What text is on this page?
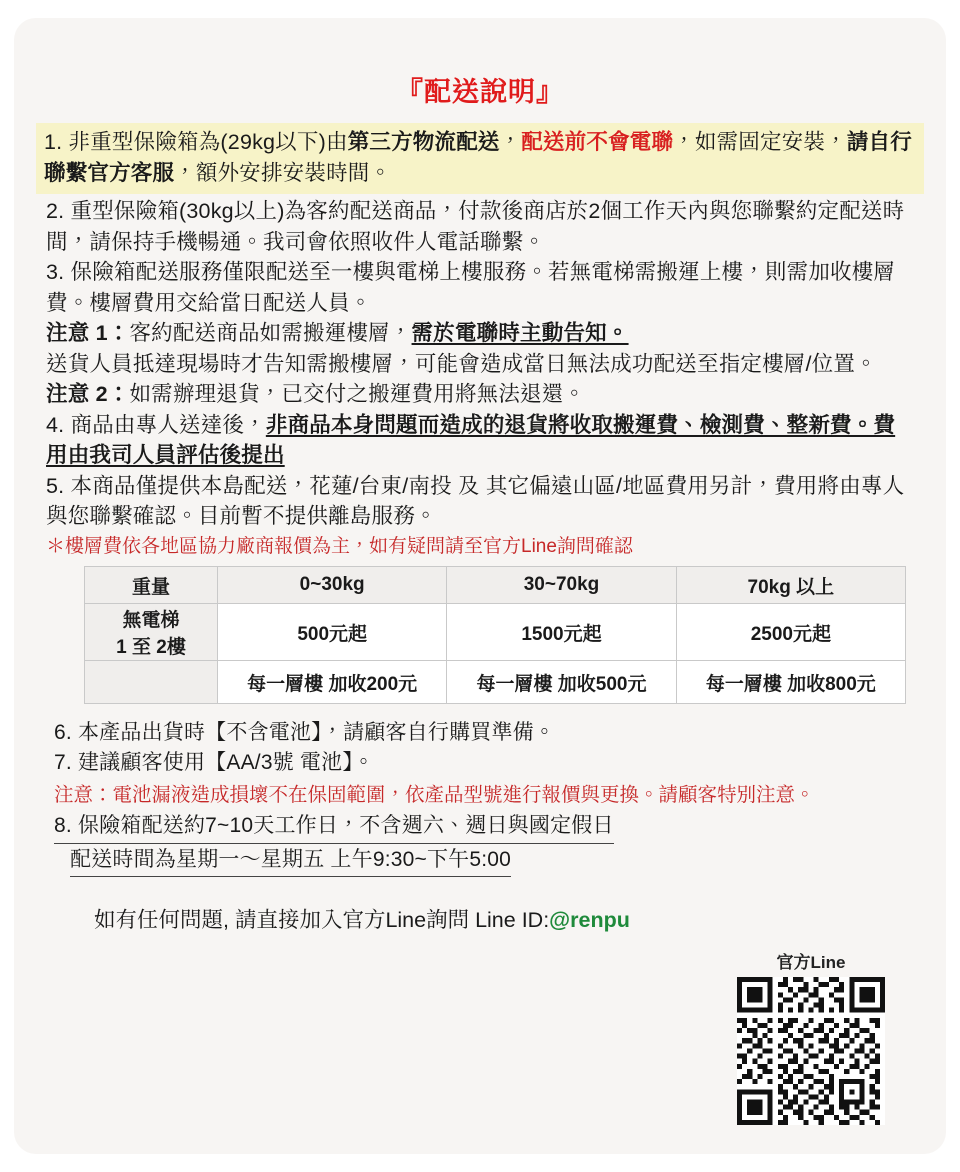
『配送說明』

1. 非重型保險箱為(29kg以下)由第三方物流配送，配送前不會電聯，如需固定安裝，請自行聯繫官方客服，額外安排安裝時間。

2. 重型保險箱(30kg以上)為客約配送商品，付款後商店於2個工作天內與您聯繫約定配送時間，請保持手機暢通。我司會依照收件人電話聯繫。

3. 保險箱配送服務僅限配送至一樓與電梯上樓服務。若無電梯需搬運上樓，則需加收樓層費。樓層費用交給當日配送人員。

注意 1：客約配送商品如需搬運樓層，需於電聯時主動告知。

送貨人員抵達現場時才告知需搬樓層，可能會造成當日無法成功配送至指定樓層/位置。

注意 2：如需辦理退貨，已交付之搬運費用將無法退還。

4. 商品由專人送達後，非商品本身問題而造成的退貨將收取搬運費、檢測費、整新費。費用由我司人員評估後提出

5. 本商品僅提供本島配送，花蓮/台東/南投 及 其它偏遠山區/地區費用另計，費用將由專人與您聯繫確認。目前暫不提供離島服務。

＊樓層費依各地區協力廠商報價為主，如有疑問請至官方Line詢問確認

重量	0~30kg	30~70kg	70kg 以上

無電梯
1 至 2樓	500元起	1500元起	2500元起
	每一層樓 加收200元	每一層樓 加收500元	每一層樓 加收800元

6. 本產品出貨時【不含電池】，請顧客自行購買準備。

7. 建議顧客使用【AA/3號 電池】。

注意：電池漏液造成損壞不在保固範圍，依產品型號進行報價與更換。請顧客特別注意。

8. 保險箱配送約7~10天工作日，不含週六、週日與國定假日

配送時間為星期一～星期五 上午9:30~下午5:00

如有任何問題, 請直接加入官方Line詢問 Line ID:@renpu

官方Line
